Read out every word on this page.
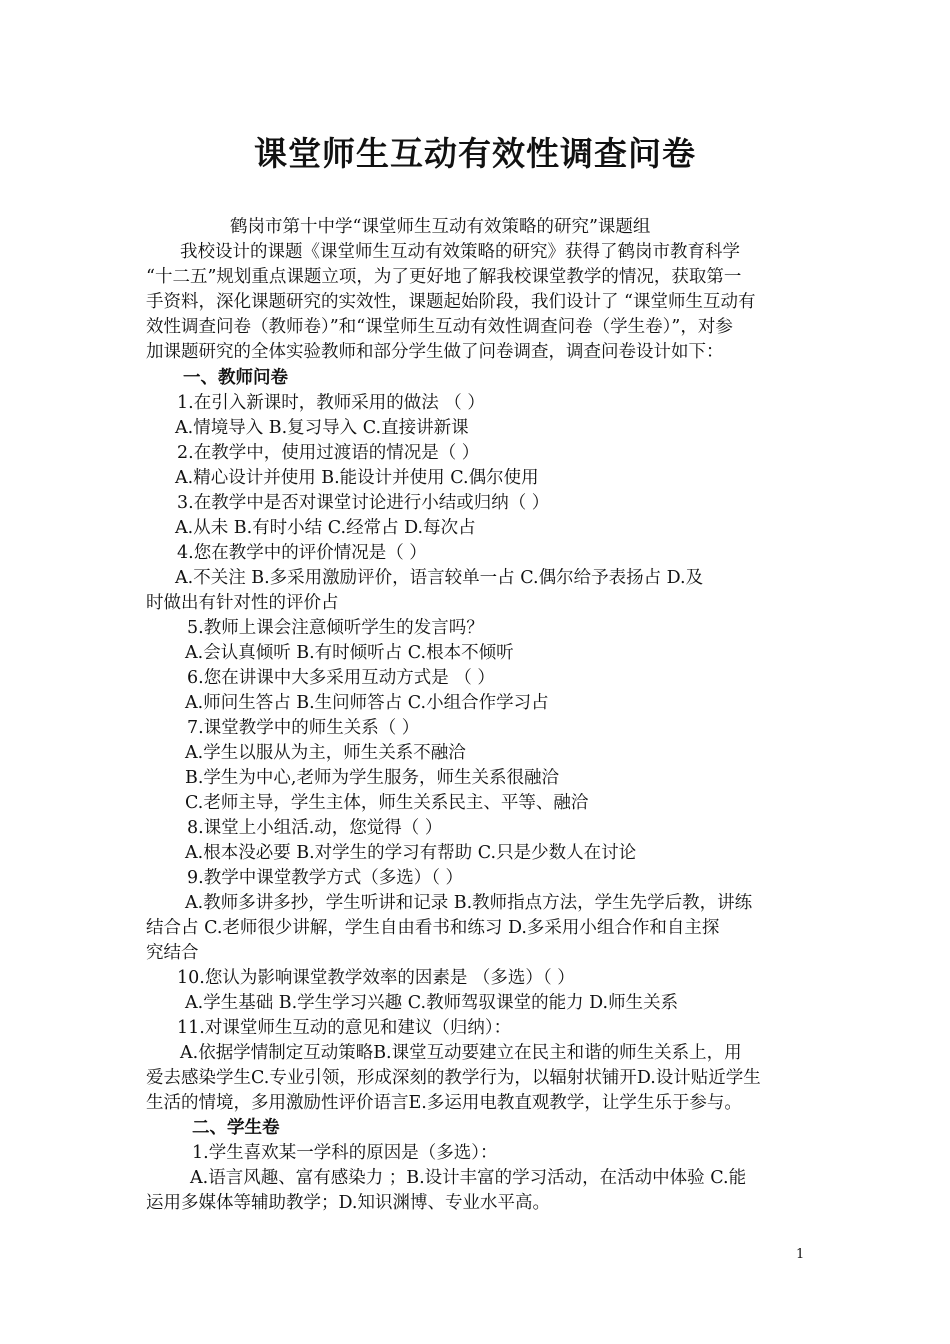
课堂师生互动有效性调查问卷
鹤岗市第十中学“课堂师生互动有效策略的研究”课题组
我校设计的课题《课堂师生互动有效策略的研究》获得了鹤岗市教育科学
“十二五”规划重点课题立项，为了更好地了解我校课堂教学的情况，获取第一
手资料，深化课题研究的实效性，课题起始阶段，我们设计了 “课堂师生互动有
效性调查问卷（教师卷）”和“课堂师生互动有效性调查问卷（学生卷）”，对参
加课题研究的全体实验教师和部分学生做了问卷调查，调查问卷设计如下：
一、教师问卷
1.在引入新课时，教师采用的做法 （ ）
A.情境导入 B.复习导入 C.直接讲新课
2.在教学中，使用过渡语的情况是（ ）
A.精心设计并使用 B.能设计并使用 C.偶尔使用
3.在教学中是否对课堂讨论进行小结或归纳（ ）
A.从未 B.有时小结 C.经常占 D.每次占
4.您在教学中的评价情况是（ ）
A.不关注 B.多采用激励评价，语言较单一占 C.偶尔给予表扬占 D.及
时做出有针对性的评价占
5.教师上课会注意倾听学生的发言吗？
A.会认真倾听 B.有时倾听占 C.根本不倾听
6.您在讲课中大多采用互动方式是 （ ）
A.师问生答占 B.生问师答占 C.小组合作学习占
7.课堂教学中的师生关系（ ）
A.学生以服从为主，师生关系不融洽
B.学生为中心,老师为学生服务，师生关系很融洽
C.老师主导，学生主体，师生关系民主、平等、融洽
8.课堂上小组活.动，您觉得（ ）
A.根本没必要 B.对学生的学习有帮助 C.只是少数人在讨论
9.教学中课堂教学方式（多选）（ ）
A.教师多讲多抄，学生听讲和记录 B.教师指点方法，学生先学后教，讲练
结合占 C.老师很少讲解，学生自由看书和练习 D.多采用小组合作和自主探
究结合
10.您认为影响课堂教学效率的因素是 （多选）（ ）
A.学生基础 B.学生学习兴趣 C.教师驾驭课堂的能力 D.师生关系
11.对课堂师生互动的意见和建议（归纳）：
A.依据学情制定互动策略B.课堂互动要建立在民主和谐的师生关系上，用
爱去感染学生C.专业引领，形成深刻的教学行为，以辐射状铺开D.设计贴近学生
生活的情境，多用激励性评价语言E.多运用电教直观教学，让学生乐于参与。
二、学生卷
1.学生喜欢某一学科的原因是（多选）：
A.语言风趣、富有感染力 ；B.设计丰富的学习活动，在活动中体验 C.能
运用多媒体等辅助教学；D.知识渊博、专业水平高。
1
